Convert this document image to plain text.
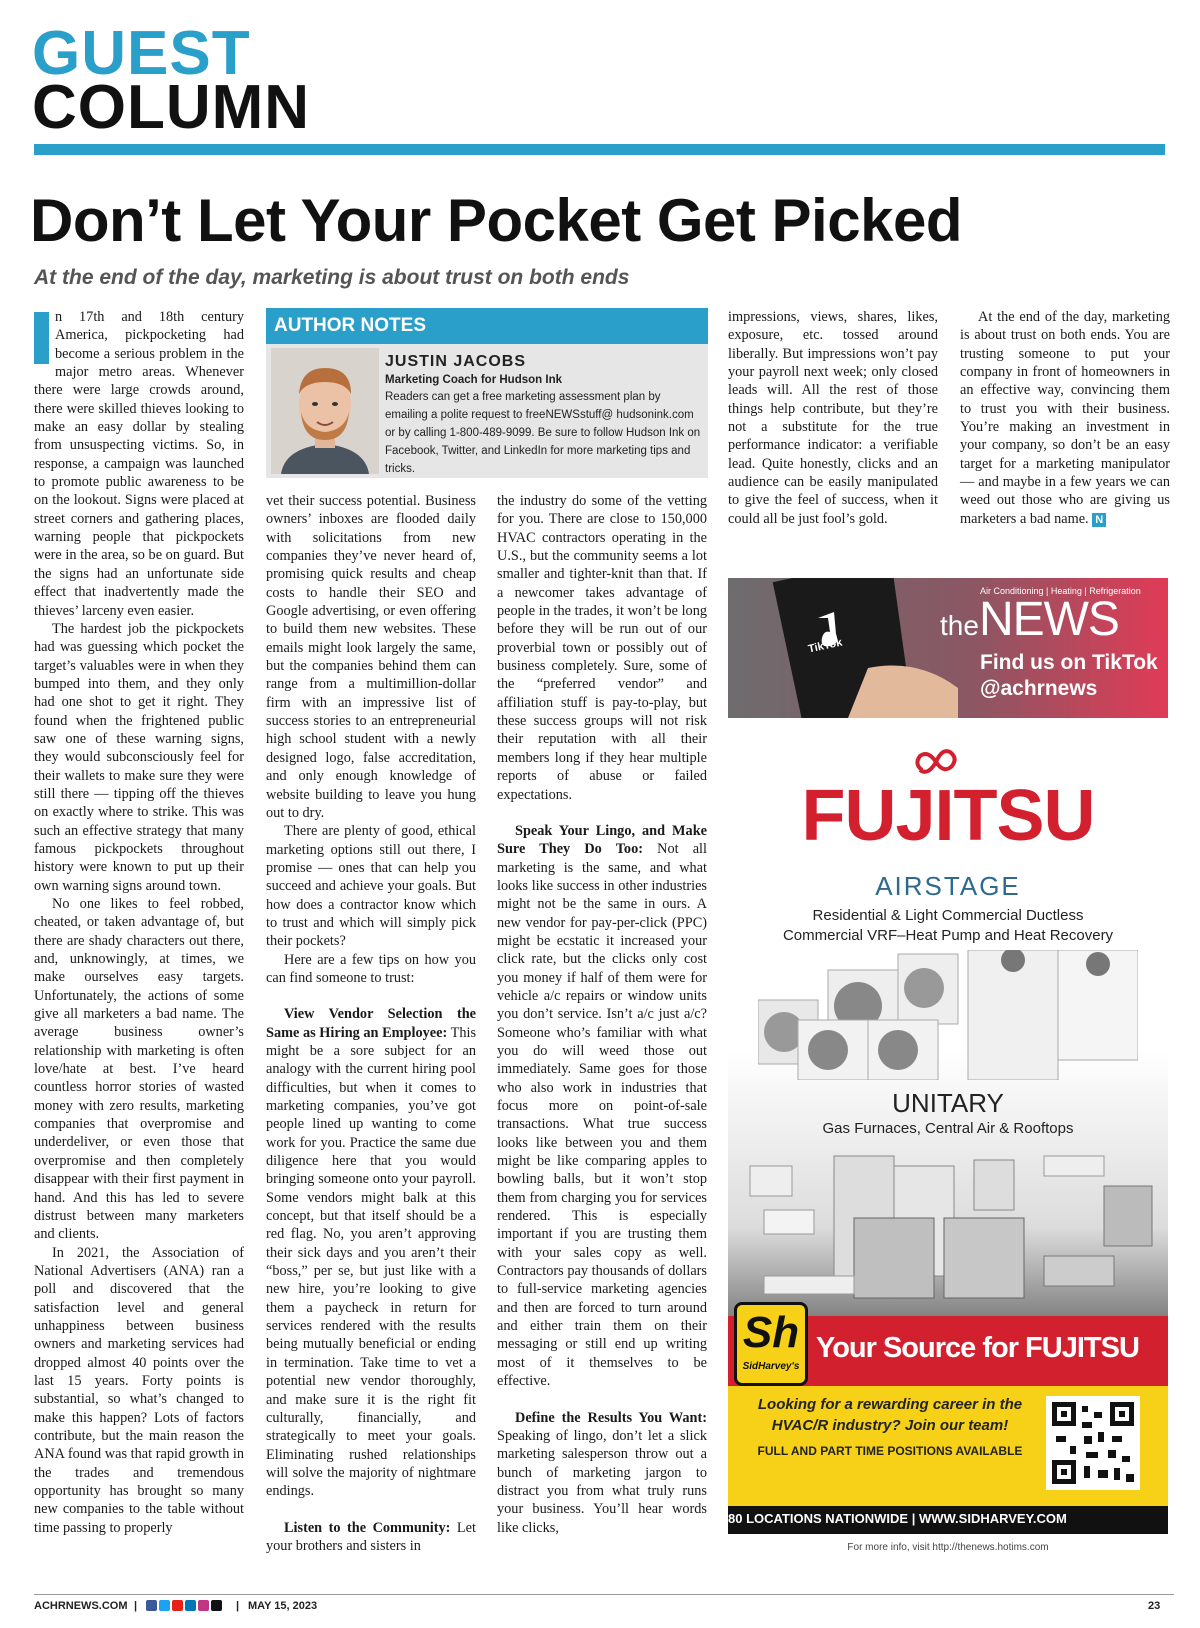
GUEST
COLUMN
Don’t Let Your Pocket Get Picked
At the end of the day, marketing is about trust on both ends

n 17th and 18th century America, pickpocketing had become a serious problem in the major metro areas. Whenever there were large crowds around, there were skilled thieves looking to make an easy dollar by stealing from unsuspecting victims. So, in response, a campaign was launched to promote public awareness to be on the lookout. Signs were placed at street corners and gathering places, warning people that pickpockets were in the area, so be on guard. But the signs had an unfortunate side effect that inadvertently made the thieves’ larceny even easier.

The hardest job the pickpockets had was guessing which pocket the target’s valuables were in when they bumped into them, and they only had one shot to get it right. They found when the frightened public saw one of these warning signs, they would subconsciously feel for their wallets to make sure they were still there — tipping off the thieves on exactly where to strike. This was such an effective strategy that many famous pickpockets throughout history were known to put up their own warning signs around town.

No one likes to feel robbed, cheated, or taken advantage of, but there are shady characters out there, and, unknowingly, at times, we make ourselves easy targets. Unfortunately, the actions of some give all marketers a bad name. The average business owner’s relationship with marketing is often love/hate at best. I’ve heard countless horror stories of wasted money with zero results, marketing companies that overpromise and underdeliver, or even those that overpromise and then completely disappear with their first payment in hand. And this has led to severe distrust between many marketers and clients.

In 2021, the Association of National Advertisers (ANA) ran a poll and discovered that the satisfaction level and general unhappiness between business owners and marketing services had dropped almost 40 points over the last 15 years. Forty points is substantial, so what’s changed to make this happen? Lots of factors contribute, but the main reason the ANA found was that rapid growth in the trades and tremendous opportunity has brought so many new companies to the table without time passing to properly

AUTHOR NOTES
JUSTIN JACOBS
Marketing Coach for Hudson Ink
Readers can get a free marketing assessment plan by emailing a polite request to freeNEWSstuff@ hudsonink.com or by calling 1-800-489-9099. Be sure to follow Hudson Ink on Facebook, Twitter, and LinkedIn for more marketing tips and tricks.

vet their success potential. Business owners’ inboxes are flooded daily with solicitations from new companies they’ve never heard of, promising quick results and cheap costs to handle their SEO and Google advertising, or even offering to build them new websites. These emails might look largely the same, but the companies behind them can range from a multimillion-dollar firm with an impressive list of success stories to an entrepreneurial high school student with a newly designed logo, false accreditation, and only enough knowledge of website building to leave you hung out to dry.

There are plenty of good, ethical marketing options still out there, I promise — ones that can help you succeed and achieve your goals. But how does a contractor know which to trust and which will simply pick their pockets?

Here are a few tips on how you can find someone to trust:

View Vendor Selection the Same as Hiring an Employee: This might be a sore subject for an analogy with the current hiring pool difficulties, but when it comes to marketing companies, you’ve got people lined up wanting to come work for you. Practice the same due diligence here that you would bringing someone onto your payroll. Some vendors might balk at this concept, but that itself should be a red flag. No, you aren’t approving their sick days and you aren’t their “boss,” per se, but just like with a new hire, you’re looking to give them a paycheck in return for services rendered with the results being mutually beneficial or ending in termination. Take time to vet a potential new vendor thoroughly, and make sure it is the right fit culturally, financially, and strategically to meet your goals. Eliminating rushed relationships will solve the majority of nightmare endings.

Listen to the Community: Let your brothers and sisters in

the industry do some of the vetting for you. There are close to 150,000 HVAC contractors operating in the U.S., but the community seems a lot smaller and tighter-knit than that. If a newcomer takes advantage of people in the trades, it won’t be long before they will be run out of our proverbial town or possibly out of business completely. Sure, some of the “preferred vendor” and affiliation stuff is pay-to-play, but these success groups will not risk their reputation with all their members long if they hear multiple reports of abuse or failed expectations.

Speak Your Lingo, and Make Sure They Do Too: Not all marketing is the same, and what looks like success in other industries might not be the same in ours. A new vendor for pay-per-click (PPC) might be ecstatic it increased your click rate, but the clicks only cost you money if half of them were for vehicle a/c repairs or window units you don’t service. Isn’t a/c just a/c? Someone who’s familiar with what you do will weed those out immediately. Same goes for those who also work in industries that focus more on point-of-sale transactions. What true success looks like between you and them might be like comparing apples to bowling balls, but it won’t stop them from charging you for services rendered. This is especially important if you are trusting them with your sales copy as well. Contractors pay thousands of dollars to full-service marketing agencies and then are forced to turn around and either train them on their messaging or still end up writing most of it themselves to be effective.

Define the Results You Want: Speaking of lingo, don’t let a slick marketing salesperson throw out a bunch of marketing jargon to distract you from what truly runs your business. You’ll hear words like clicks,

impressions, views, shares, likes, exposure, etc. tossed around liberally. But impressions won’t pay your payroll next week; only closed leads will. All the rest of those things help contribute, but they’re not a substitute for the true performance indicator: a verifiable lead. Quite honestly, clicks and an audience can be easily manipulated to give the feel of success, when it could all be just fool’s gold.

At the end of the day, marketing is about trust on both ends. You are trusting someone to put your company in front of homeowners in an effective way, convincing them to trust you with their business. You’re making an investment in your company, so don’t be an easy target for a marketing manipulator — and maybe in a few years we can weed out those who are giving us marketers a bad name. N

TikTok
Air Conditioning | Heating | Refrigeration
theNEWS
Find us on TikTok
@achrnews
FUJITSU
AIRSTAGE
Residential & Light Commercial Ductless
Commercial VRF–Heat Pump and Heat Recovery
UNITARY
Gas Furnaces, Central Air & Rooftops
Sh
SidHarvey's
Your Source for FUJITSU
Looking for a rewarding career in the
HVAC/R industry? Join our team!
FULL AND PART TIME POSITIONS AVAILABLE
80 LOCATIONS NATIONWIDE | WWW.SIDHARVEY.COM
For more info, visit http://thenews.hotims.com
ACHRNEWS.COM |	| MAY 15, 2023	23
